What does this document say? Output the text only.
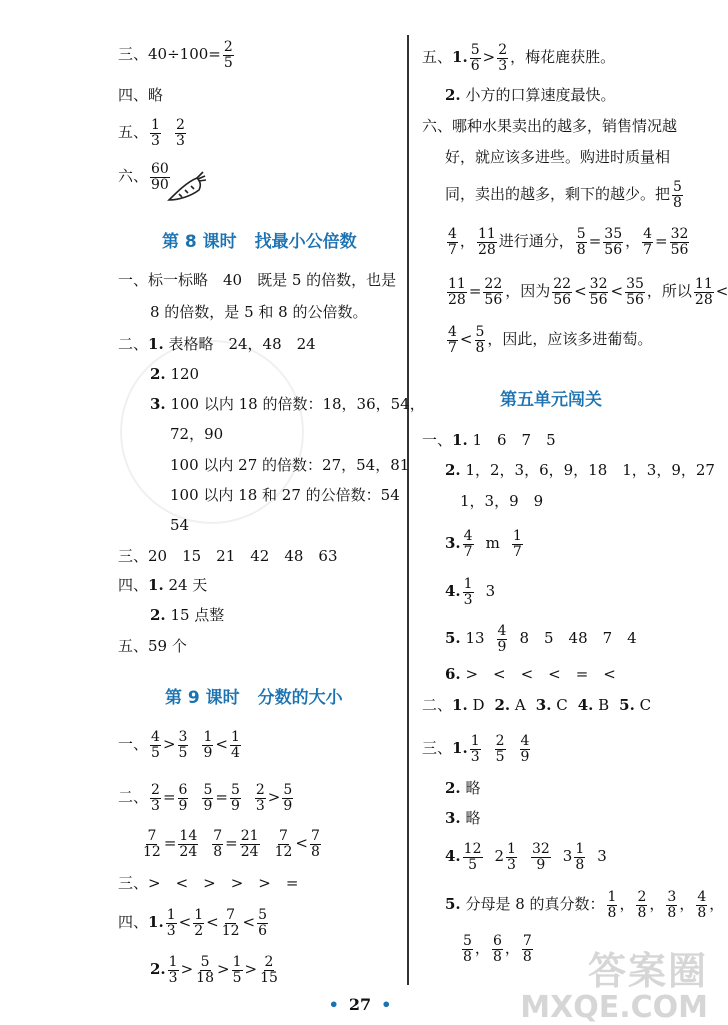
三、$40\div 100= \frac{2}{5}$
四、略
五、 $\frac{1}{3} \frac{2}{3}$
六、 $\frac{60}{90}$
第 8 课时 找最小公倍数
一、标一标略　40　既是 5 的倍数，也是
8 的倍数，是 5 和 8 的公倍数。
二、1. 表格略　24，48　24
2. 120
3. 100 以内 18 的倍数：18，36，54，
72，90
100 以内 27 的倍数：27，54，81
100 以内 18 和 27 的公倍数：54
54
三、20　15　21　42　48　63
四、1. 24 天
2. 15 点整
五、59 个
第 9 课时 分数的大小
一、 $\frac{4}{5} > \frac{3}{5} \frac{1}{9} < \frac{1}{4}$
二、 $\frac{2}{3} = \frac{6}{9} \frac{5}{9} = \frac{5}{9} \frac{2}{3} > \frac{5}{9}$
$\frac{7}{12} = \frac{14}{24} \frac{7}{8} = \frac{21}{24} \frac{7}{12} < \frac{7}{8}$
三、>　<　>　>　>　=
四、1. $\frac{1}{3} < \frac{1}{2} < \frac{7}{12} < \frac{5}{6}$
2. $\frac{1}{3} > \frac{5}{18} > \frac{1}{5} > \frac{2}{15}$
五、1. $\frac{5}{6} > \frac{2}{3}$ ，梅花鹿获胜。
2. 小方的口算速度最快。
六、哪种水果卖出的越多，销售情况越
好，就应该多进些。购进时质量相
同，卖出的越多，剩下的越少。把 $\frac{5}{8}$
$\frac{4}{7}$ ， $\frac{11}{28}$ 进行通分， $\frac{5}{8} = \frac{35}{56}$ ， $\frac{4}{7} = \frac{32}{56}$
$\frac{11}{28} = \frac{22}{56}$ ，因为 $\frac{22}{56} < \frac{32}{56} < \frac{35}{56}$ ，所以 $\frac{11}{28}$ <
$\frac{4}{7} < \frac{5}{8}$ ，因此，应该多进葡萄。
第五单元闯关
一、1. 1　6　7　5
2. 1，2，3，6，9，18　1，3，9，27
1，3，9　9
3. $\frac{4}{7}$ m $\frac{1}{7}$
4. $\frac{1}{3} 3$
5. $13 \frac{4}{9} 8$　5　48　7　4
6. >　<　<　<　=　<
二、1. D 2. A 3. C 4. B 5. C
三、1. $\frac{1}{3} \frac{2}{5} \frac{4}{9}$
2. 略
3. 略
4. $\frac{12}{5} 2 \frac{1}{3} \frac{32}{9} 3 \frac{1}{8} 3$
5. 分母是 8 的真分数： $\frac{1}{8}$ ， $\frac{2}{8}$ ， $\frac{3}{8}$ ， $\frac{4}{8}$ ，
$\frac{5}{8}$ ， $\frac{6}{8}$ ， $\frac{7}{8}$
• 27 •
答案圈
MXQE.COM
